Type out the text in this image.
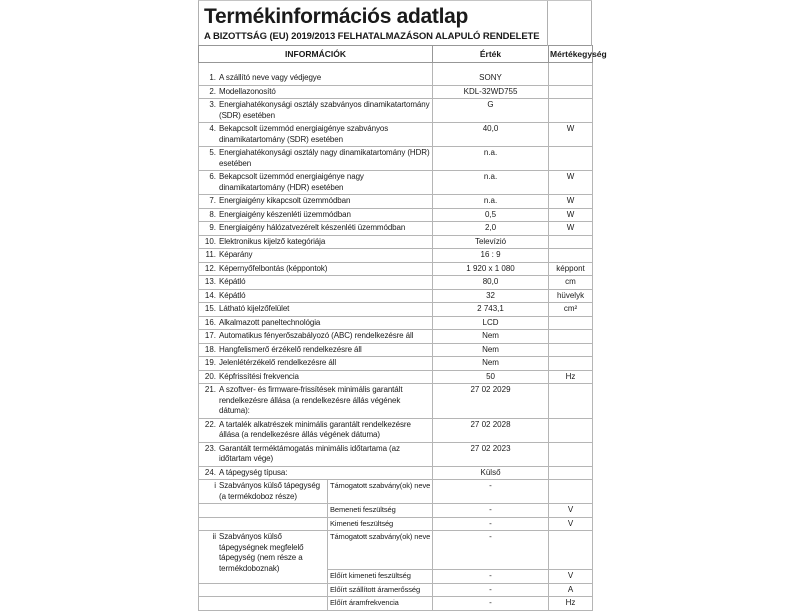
Termékinformációs adatlap
A BIZOTTSÁG (EU) 2019/2013 FELHATALMAZÁSON ALAPULÓ RENDELETE
INFORMÁCIÓK		Érték	Mértékegység

1. A szállító neve vagy védjegye		SONY	

2. Modellazonosító		KDL-32WD755	

3. Energiahatékonysági osztály szabványos dinamikatartomány (SDR) esetében		G	

4. Bekapcsolt üzemmód energiaigénye szabványos dinamikatartomány (SDR) esetében		40,0	W

5. Energiahatékonysági osztály nagy dinamikatartomány (HDR) esetében		n.a.	

6. Bekapcsolt üzemmód energiaigénye nagy dinamikatartomány (HDR) esetében		n.a.	W

7. Energiaigény kikapcsolt üzemmódban		n.a.	W

8. Energiaigény készenléti üzemmódban		0,5	W

9. Energiaigény hálózatvezérelt készenléti üzemmódban		2,0	W

10. Elektronikus kijelző kategóriája		Televízió	

11. Képarány		16 : 9	

12. Képernyőfelbontás (képpontok)		1 920 x 1 080	képpont

13. Képátló		80,0	cm

14. Képátló		32	hüvelyk

15. Látható kijelzőfelület		2 743,1	cm²

16. Alkalmazott paneltechnológia		LCD	

17. Automatikus fényerőszabályozó (ABC) rendelkezésre áll		Nem	

18. Hangfelismerő érzékelő rendelkezésre áll		Nem	

19. Jelenlétérzékelő rendelkezésre áll		Nem	

20. Képfrissítési frekvencia		50	Hz

21. A szoftver- és firmware-frissítések minimális garantált rendelkezésre állása (a rendelkezésre állás végének dátuma):		27 02 2029	

22. A tartalék alkatrészek minimális garantált rendelkezésre állása (a rendelkezésre állás végének dátuma)		27 02 2028	

23. Garantált terméktámogatás minimális időtartama (az időtartam vége)		27 02 2023	

24. A tápegység típusa:		Külső	

i Szabványos külső tápegység (a termékdoboz része)	Támogatott szabvány(ok) neve	-	
	Bemeneti feszültség	-	V
	Kimeneti feszültség	-	V

ii Szabványos külső tápegységnek megfelelő tápegység (nem része a termékdoboznak)	Támogatott szabvány(ok) neve	-	
	Előírt kimeneti feszültség	-	V
	Előírt szállított áramerősség	-	A
	Előírt áramfrekvencia	-	Hz
